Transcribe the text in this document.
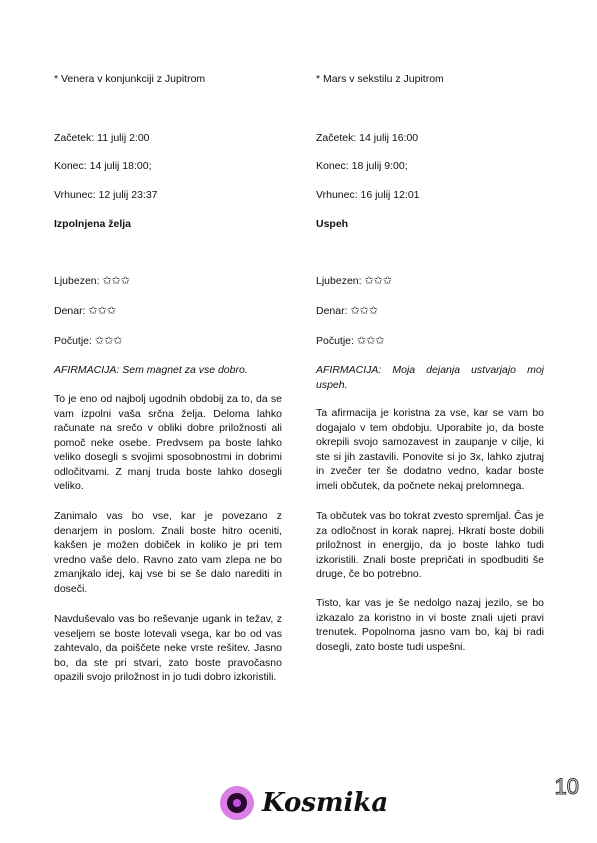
* Venera v konjunkciji z Jupitrom
Začetek: 11 julij 2:00
Konec: 14 julij 18:00;
Vrhunec: 12 julij 23:37
Izpolnjena želja
Ljubezen: ✩✩✩
Denar: ✩✩✩
Počutje: ✩✩✩
AFIRMACIJA: Sem magnet za vse dobro.
To je eno od najbolj ugodnih obdobij za to, da se vam izpolni vaša srčna želja. Deloma lahko računate na srečo v obliki dobre priložnosti ali pomoč neke osebe. Predvsem pa boste lahko veliko dosegli s svojimi sposobnostmi in dobrimi odločitvami. Z manj truda boste lahko dosegli veliko.
Zanimalo vas bo vse, kar je povezano z denarjem in poslom. Znali boste hitro oceniti, kakšen je možen dobiček in koliko je pri tem vredno vaše delo. Ravno zato vam zlepa ne bo zmanjkalo idej, kaj vse bi se še dalo narediti in doseči.
Navduševalo vas bo reševanje ugank in težav, z veseljem se boste lotevali vsega, kar bo od vas zahtevalo, da poiščete neke vrste rešitev. Jasno bo, da ste pri stvari, zato boste pravočasno opazili svojo priložnost in jo tudi dobro izkoristili.
* Mars v sekstilu z Jupitrom
Začetek: 14 julij 16:00
Konec: 18 julij 9:00;
Vrhunec: 16 julij 12:01
Uspeh
Ljubezen: ✩✩✩
Denar: ✩✩✩
Počutje: ✩✩✩
AFIRMACIJA: Moja dejanja ustvarjajo moj uspeh.
Ta afirmacija je koristna za vse, kar se vam bo dogajalo v tem obdobju. Uporabite jo, da boste okrepili svojo samozavest in zaupanje v cilje, ki ste si jih zastavili. Ponovite si jo 3x, lahko zjutraj in zvečer ter še dodatno vedno, kadar boste imeli občutek, da počnete nekaj prelomnega.
Ta občutek vas bo tokrat zvesto spremljal. Čas je za odločnost in korak naprej. Hkrati boste dobili priložnost in energijo, da jo boste lahko tudi izkoristili. Znali boste prepričati in spodbuditi še druge, če bo potrebno.
Tisto, kar vas je še nedolgo nazaj jezilo, se bo izkazalo za koristno in vi boste znali ujeti pravi trenutek. Popolnoma jasno vam bo, kaj bi radi dosegli, zato boste tudi uspešni.
10
Kosmika
